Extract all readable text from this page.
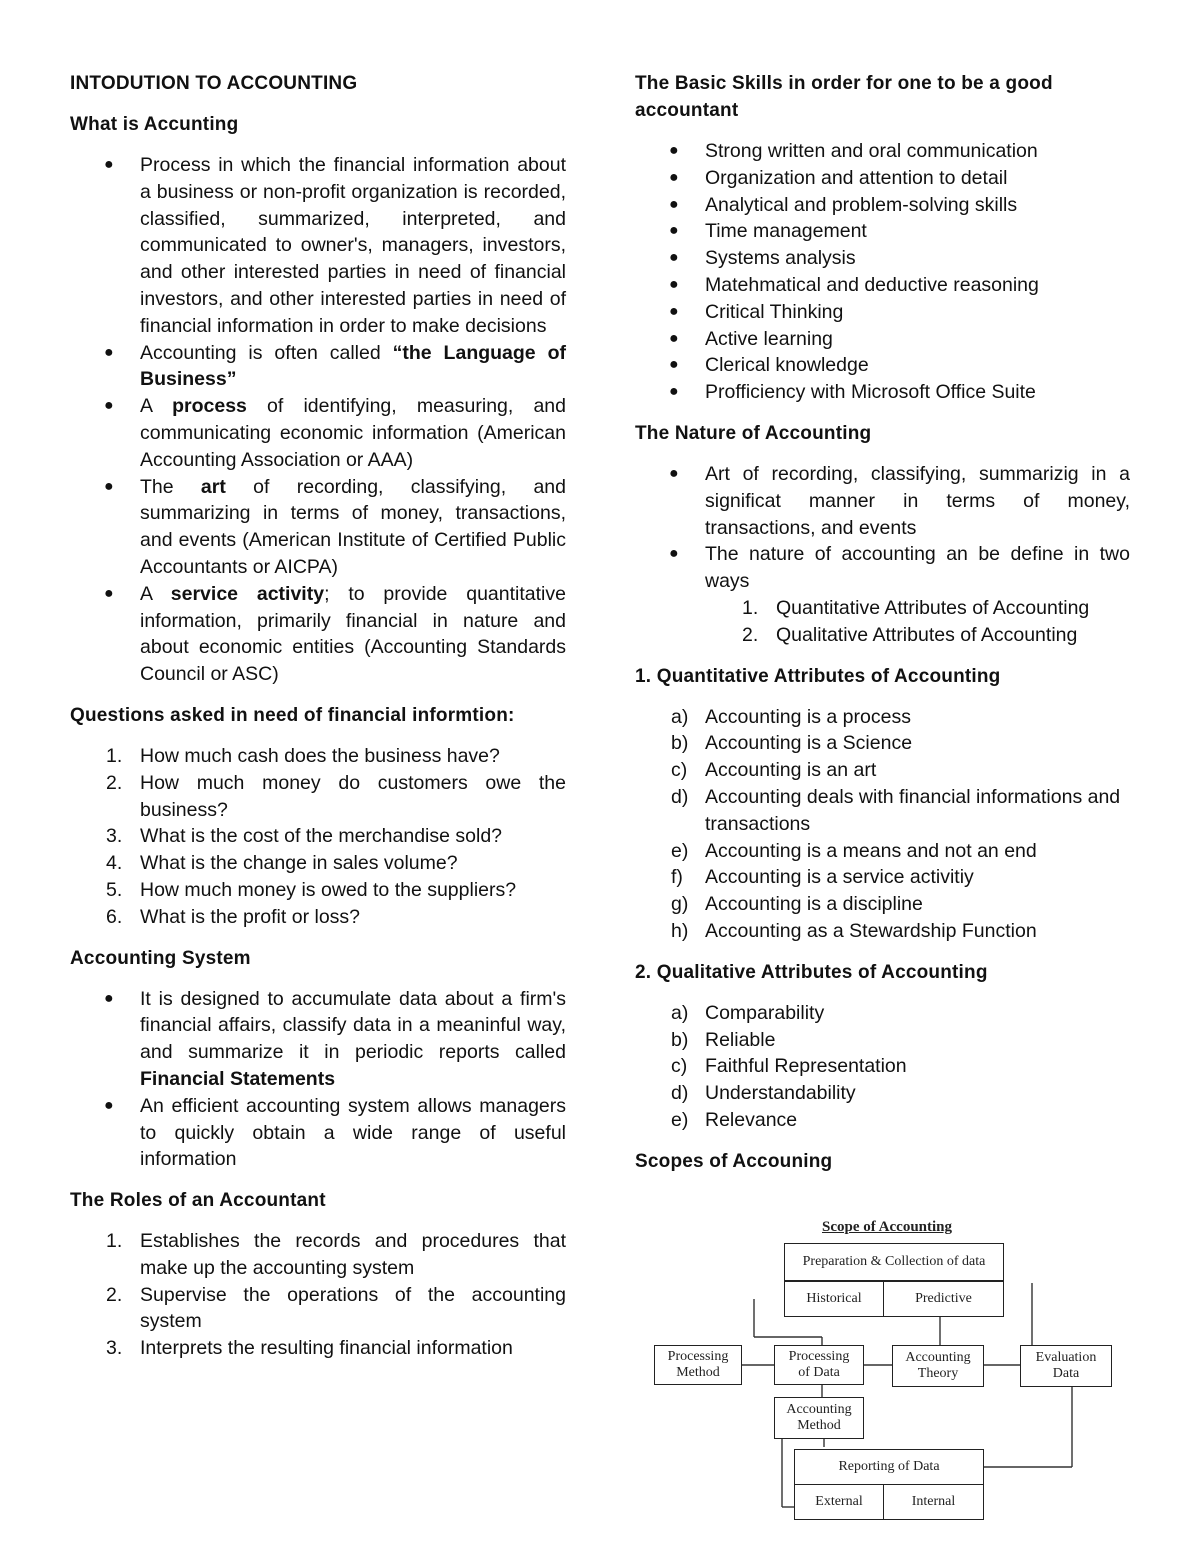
INTODUTION TO ACCOUNTING
What is Accunting
●	Process in which the financial information about a business or non-profit organization is recorded, classified, summarized, interpreted, and communicated to owner's, managers, investors, and other interested parties in need of financial investors, and other interested parties in need of financial information in order to make decisions
●	Accounting is often called “the Language of Business”
●	A process of identifying, measuring, and communicating economic information (American Accounting Association or AAA)
●	The art of recording, classifying, and summarizing in terms of money, transactions, and events (American Institute of Certified Public Accountants or AICPA)
●	A service activity; to provide quantitative information, primarily financial in nature and about economic entities (Accounting Standards Council or ASC)
Questions asked in need of financial informtion:
1. How much cash does the business have?
2. How much money do customers owe the business?
3. What is the cost of the merchandise sold?
4. What is the change in sales volume?
5. How much money is owed to the suppliers?
6. What is the profit or loss?
Accounting System
●	It is designed to accumulate data about a firm's financial affairs, classify data in a meaninful way, and summarize it in periodic reports called Financial Statements
●	An efficient accounting system allows managers to quickly obtain a wide range of useful information
The Roles of an Accountant
1. Establishes the records and procedures that make up the accounting system
2. Supervise the operations of the accounting system
3. Interprets the resulting financial information
The Basic Skills in order for one to be a good accountant
●	Strong written and oral communication
●	Organization and attention to detail
●	Analytical and problem-solving skills
●	Time management
●	Systems analysis
●	Matehmatical and deductive reasoning
●	Critical Thinking
●	Active learning
●	Clerical knowledge
●	Profficiency with Microsoft Office Suite
The Nature of Accounting
●	Art of recording, classifying, summarizig in a significat manner in terms of money, transactions, and events
●	The nature of accounting an be define in two ways
1. Quantitative Attributes of Accounting
2. Qualitative Attributes of Accounting
1. Quantitative Attributes of Accounting
a) Accounting is a process
b) Accounting is a Science
c) Accounting is an art
d) Accounting deals with financial informations and transactions
e) Accounting is a means and not an end
f)	Accounting is a service activitiy
g) Accounting is a discipline
h) Accounting as a Stewardship Function
2. Qualitative Attributes of Accounting
a) Comparability
b) Reliable
c) Faithful Representation
d) Understandability
e) Relevance
Scopes of Accouning
Scope of Accounting
Preparation & Collection of data
Historical	Predictive
Processing Method
Processing of Data
Accounting Theory
Evaluation Data
Accounting Method
Reporting of Data
External	Internal
